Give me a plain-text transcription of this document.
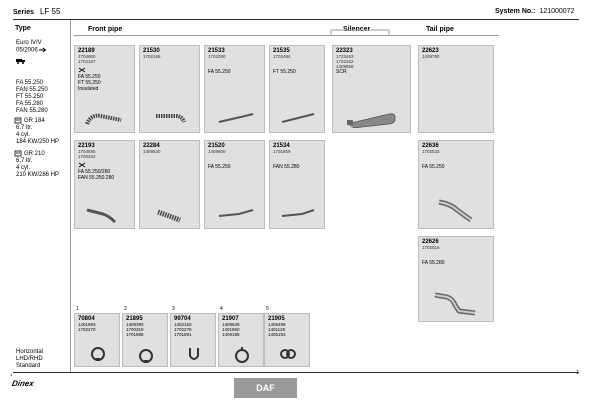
Series LF 55	System No.: 121000072
Type
Euro IV/V
05/2006
FA 55.250
FAN 55.250
FT 55.250
FA 55.280
FAN 55.280
GR 184
6,7 ltr.
4 cyl.
184 KW/250 HP
GR 210
6,7 ltr.
4 cyl.
210 KW/286 HP
Horizontal
LHD/RHD
Standard
Front pipe	Silencer	Tail pipe
22189
1704900
1702167
FA 55.250
FT 55.250
Insulated
21530
1702168
21533
1702290
FA 55.250
21535
1702494
FT 55.250
22323
1723463
1702262
1409859
SCR
22623
1409790
22193
1704895
1700262
FA 55.250/280
FAN 55.250.280
22284
1409530
21520
1409900
FA 55.250
21534
1701859
FAN 55.280
22636
1702533
FA 55.250
22626
1702516
FA 55.280
1	2	3	4	5
70804
1401893
1702270
21895
1409390
1700319
1701988
99704
1402150
1702279
1701591
21907
1409628
1401860
1409185
21905
1405498
1401125
1405193
1
Dinex	DAF
1
